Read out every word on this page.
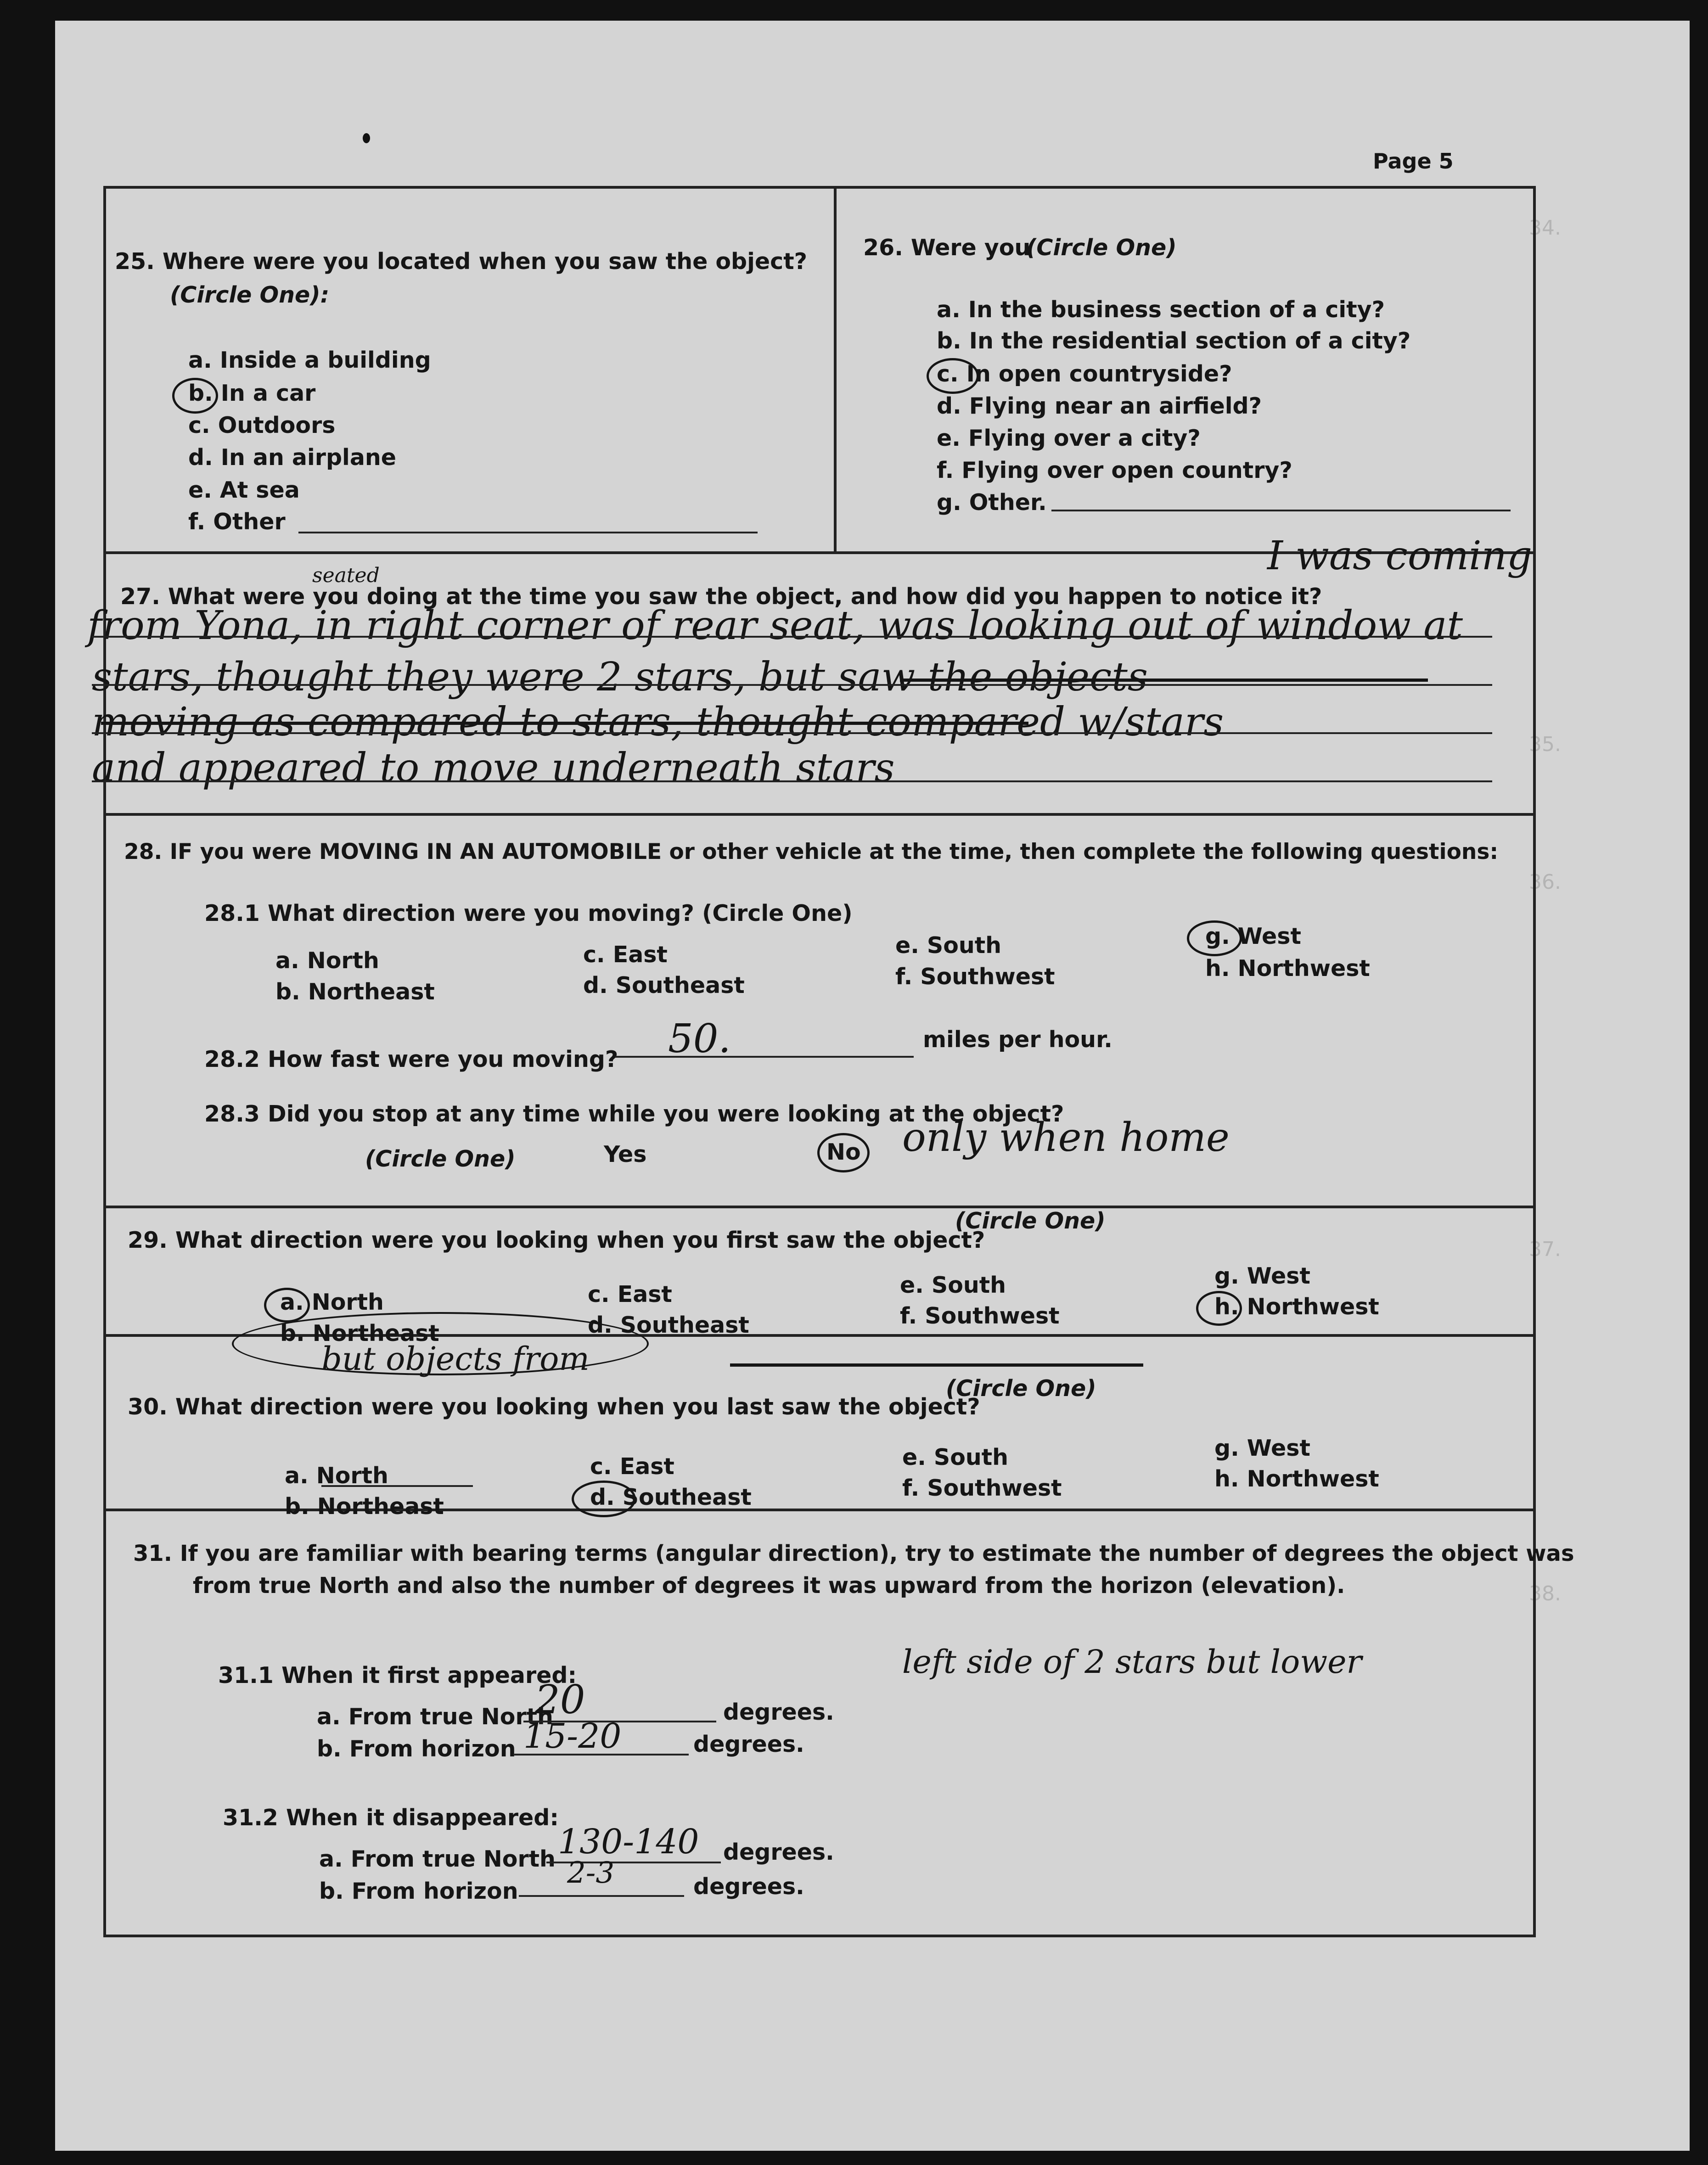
34.
35.
36.
37.
38.
Page 5
25. Where were you located when you saw the object?
(Circle One):
a. Inside a building
b. In a car
c. Outdoors
d. In an airplane
e. At sea
f. Other
26. Were you
(Circle One)
a. In the business section of a city?
b. In the residential section of a city?
c. In open countryside?
d. Flying near an airfield?
e. Flying over a city?
f. Flying over open country?
g. Other.
27. What were you doing at the time you saw the object, and how did you happen to notice it?
seated	I was coming
from Yona, in right corner of rear seat, was looking out of window at
stars, thought they were 2 stars, but saw the objects
moving as compared to stars, thought compared w/stars
and appeared to move underneath stars
28. IF you were MOVING IN AN AUTOMOBILE or other vehicle at the time, then complete the following questions:
28.1 What direction were you moving? (Circle One)
a. North
b. Northeast
c. East
d. Southeast
e. South
f. Southwest
g. West
h. Northwest
28.2 How fast were you moving? 50.	miles per hour.
28.3 Did you stop at any time while you were looking at the object?
(Circle One)	Yes	No only when home
29. What direction were you looking when you first saw the object?
(Circle One)
a. North
b. Northeast
c. East
d. Southeast
e. South
f. Southwest
g. West
h. Northwest
but objects from
30. What direction were you looking when you last saw the object?
(Circle One)
a. North
b. Northeast
c. East
d. Southeast
e. South
f. Southwest
g. West
h. Northwest
31. If you are familiar with bearing terms (angular direction), try to estimate the number of degrees the object was
from true North and also the number of degrees it was upward from the horizon (elevation).
31.1 When it first appeared:
a. From true North
20	degrees.
b. From horizon 15-20	degrees.
left side of 2 stars but lower
31.2 When it disappeared:
a. From true North 130-140 degrees.
b. From horizon
2-3	degrees.
